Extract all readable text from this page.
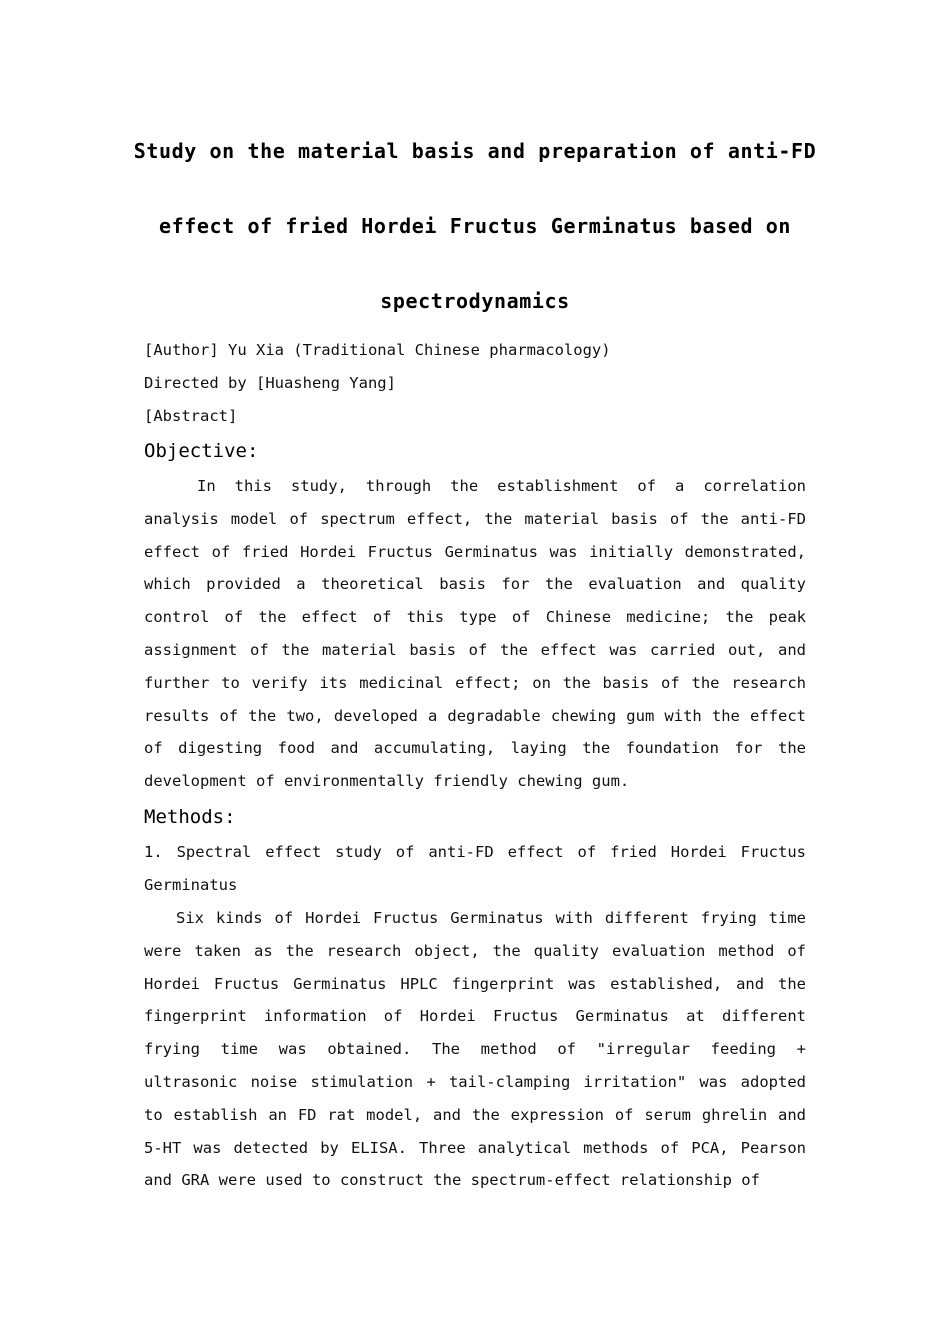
Study on the material basis and preparation of anti-FD
effect of fried Hordei Fructus Germinatus based on
spectrodynamics
[Author] Yu Xia (Traditional Chinese pharmacology)
Directed by [Huasheng Yang]
[Abstract]
Objective:
In this study, through the establishment of a correlation analysis model of spectrum effect, the material basis of the anti-FD effect of fried Hordei Fructus Germinatus was initially demonstrated, which provided a theoretical basis for the evaluation and quality control of the effect of this type of Chinese medicine; the peak assignment of the material basis of the effect was carried out, and further to verify its medicinal effect; on the basis of the research results of the two, developed a degradable chewing gum with the effect of digesting food and accumulating, laying the foundation for the development of environmentally friendly chewing gum.
Methods:
1. Spectral effect study of anti-FD effect of fried Hordei Fructus Germinatus
Six kinds of Hordei Fructus Germinatus with different frying time were taken as the research object, the quality evaluation method of Hordei Fructus Germinatus HPLC fingerprint was established, and the fingerprint information of Hordei Fructus Germinatus at different frying time was obtained. The method of "irregular feeding + ultrasonic noise stimulation + tail-clamping irritation" was adopted to establish an FD rat model, and the expression of serum ghrelin and 5-HT was detected by ELISA. Three analytical methods of PCA, Pearson and GRA were used to construct the spectrum-effect relationship of
